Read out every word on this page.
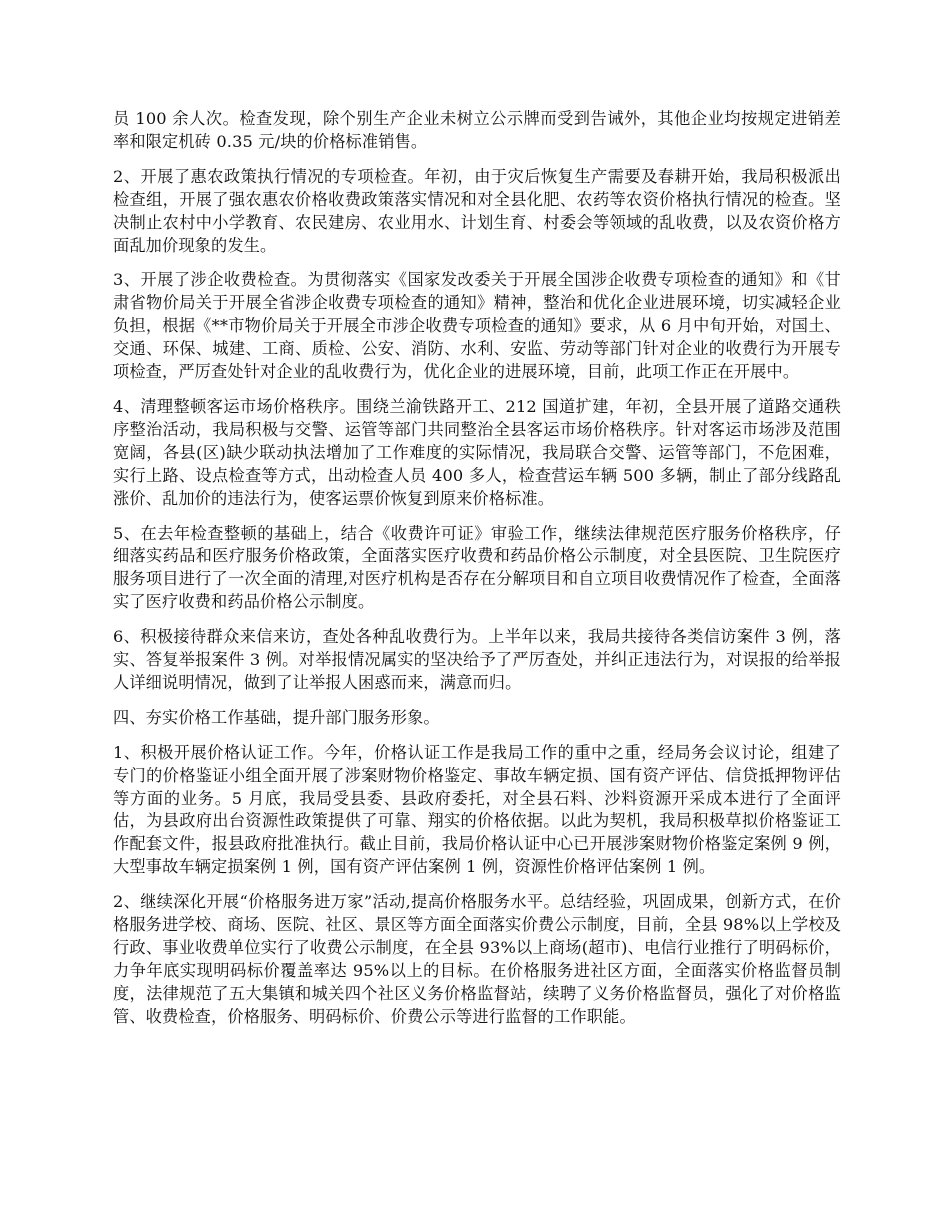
员 100 余人次。检查发现，除个别生产企业未树立公示牌而受到告诫外，其他企业均按规定进销差率和限定机砖 0.35 元/块的价格标准销售。

2、开展了惠农政策执行情况的专项检查。年初，由于灾后恢复生产需要及春耕开始，我局积极派出检查组，开展了强农惠农价格收费政策落实情况和对全县化肥、农药等农资价格执行情况的检查。坚决制止农村中小学教育、农民建房、农业用水、计划生育、村委会等领域的乱收费，以及农资价格方面乱加价现象的发生。

3、开展了涉企收费检查。为贯彻落实《国家发改委关于开展全国涉企收费专项检查的通知》和《甘肃省物价局关于开展全省涉企收费专项检查的通知》精神，整治和优化企业进展环境，切实减轻企业负担，根据《**市物价局关于开展全市涉企收费专项检查的通知》要求，从 6 月中旬开始，对国土、交通、环保、城建、工商、质检、公安、消防、水利、安监、劳动等部门针对企业的收费行为开展专项检查，严厉查处针对企业的乱收费行为，优化企业的进展环境，目前，此项工作正在开展中。

4、清理整顿客运市场价格秩序。围绕兰渝铁路开工、212 国道扩建，年初，全县开展了道路交通秩序整治活动，我局积极与交警、运管等部门共同整治全县客运市场价格秩序。针对客运市场涉及范围宽阔，各县(区)缺少联动执法增加了工作难度的实际情况，我局联合交警、运管等部门，不危困难，实行上路、设点检查等方式，出动检查人员 400 多人，检查营运车辆 500 多辆，制止了部分线路乱涨价、乱加价的违法行为，使客运票价恢复到原来价格标准。

5、在去年检查整顿的基础上，结合《收费许可证》审验工作，继续法律规范医疗服务价格秩序，仔细落实药品和医疗服务价格政策，全面落实医疗收费和药品价格公示制度，对全县医院、卫生院医疗服务项目进行了一次全面的清理,对医疗机构是否存在分解项目和自立项目收费情况作了检查，全面落实了医疗收费和药品价格公示制度。

6、积极接待群众来信来访，查处各种乱收费行为。上半年以来，我局共接待各类信访案件 3 例，落实、答复举报案件 3 例。对举报情况属实的坚决给予了严厉查处，并纠正违法行为，对误报的给举报人详细说明情况，做到了让举报人困惑而来，满意而归。

四、夯实价格工作基础，提升部门服务形象。

1、积极开展价格认证工作。今年，价格认证工作是我局工作的重中之重，经局务会议讨论，组建了专门的价格鉴证小组全面开展了涉案财物价格鉴定、事故车辆定损、国有资产评估、信贷抵押物评估等方面的业务。5 月底，我局受县委、县政府委托，对全县石料、沙料资源开采成本进行了全面评估，为县政府出台资源性政策提供了可靠、翔实的价格依据。以此为契机，我局积极草拟价格鉴证工作配套文件，报县政府批准执行。截止目前，我局价格认证中心已开展涉案财物价格鉴定案例 9 例，大型事故车辆定损案例 1 例，国有资产评估案例 1 例，资源性价格评估案例 1 例。

2、继续深化开展“价格服务进万家”活动,提高价格服务水平。总结经验，巩固成果，创新方式，在价格服务进学校、商场、医院、社区、景区等方面全面落实价费公示制度，目前，全县 98%以上学校及行政、事业收费单位实行了收费公示制度，在全县 93%以上商场(超市)、电信行业推行了明码标价，力争年底实现明码标价覆盖率达 95%以上的目标。在价格服务进社区方面，全面落实价格监督员制度，法律规范了五大集镇和城关四个社区义务价格监督站，续聘了义务价格监督员，强化了对价格监管、收费检查，价格服务、明码标价、价费公示等进行监督的工作职能。
